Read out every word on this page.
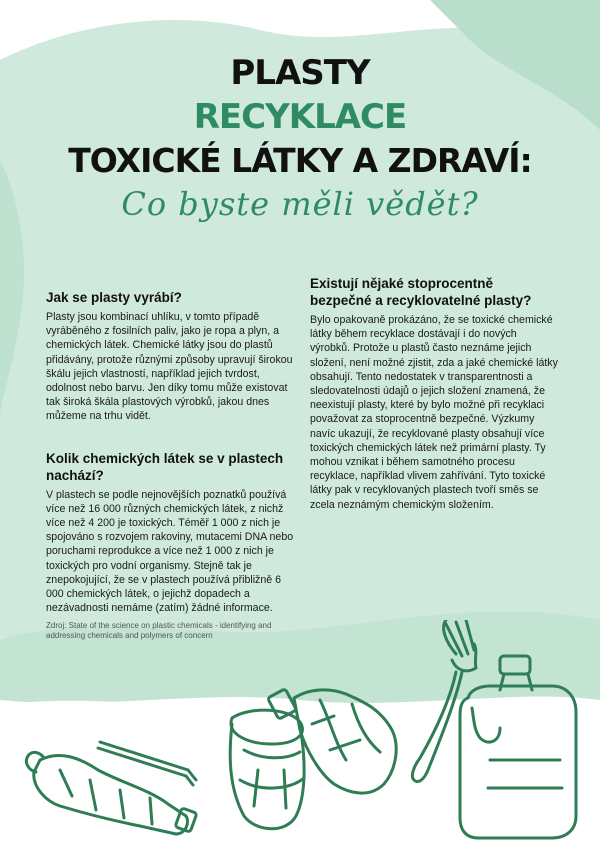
PLASTY
RECYKLACE
TOXICKÉ LÁTKY A ZDRAVÍ:
Co byste měli vědět?
Jak se plasty vyrábí?

Plasty jsou kombinací uhlíku, v tomto případě vyráběného z fosilních paliv, jako je ropa a plyn, a chemických látek. Chemické látky jsou do plastů přidávány, protože různými způsoby upravují širokou škálu jejich vlastností, například jejich tvrdost, odolnost nebo barvu. Jen díky tomu může existovat tak široká škála plastových výrobků, jakou dnes můžeme na trhu vidět.

Kolik chemických látek se v plastech nachází?

V plastech se podle nejnovějších poznatků používá více než 16 000 různých chemických látek, z nichž více než 4 200 je toxických. Téměř 1 000 z nich je spojováno s rozvojem rakoviny, mutacemi DNA nebo poruchami reprodukce a více než 1 000 z nich je toxických pro vodní organismy. Stejně tak je znepokojující, že se v plastech používá přibližně 6 000 chemických látek, o jejichž dopadech a nezávadnosti nemáme (zatím) žádné informace.

Zdroj: State of the science on plastic chemicals - identifying and addressing chemicals and polymers of concern
Existují nějaké stoprocentně bezpečné a recyklovatelné plasty?

Bylo opakovaně prokázáno, že se toxické chemické látky během recyklace dostávají i do nových výrobků. Protože u plastů často neznáme jejich složení, není možné zjistit, zda a jaké chemické látky obsahují. Tento nedostatek v transparentnosti a sledovatelnosti údajů o jejich složení znamená, že neexistují plasty, které by bylo možné při recyklaci považovat za stoprocentně bezpečné. Výzkumy navíc ukazují, že recyklované plasty obsahují více toxických chemických látek než primární plasty. Ty mohou vznikat i během samotného procesu recyklace, například vlivem zahřívání. Tyto toxické látky pak v recyklovaných plastech tvoří směs se zcela neznámým chemickým složením.
